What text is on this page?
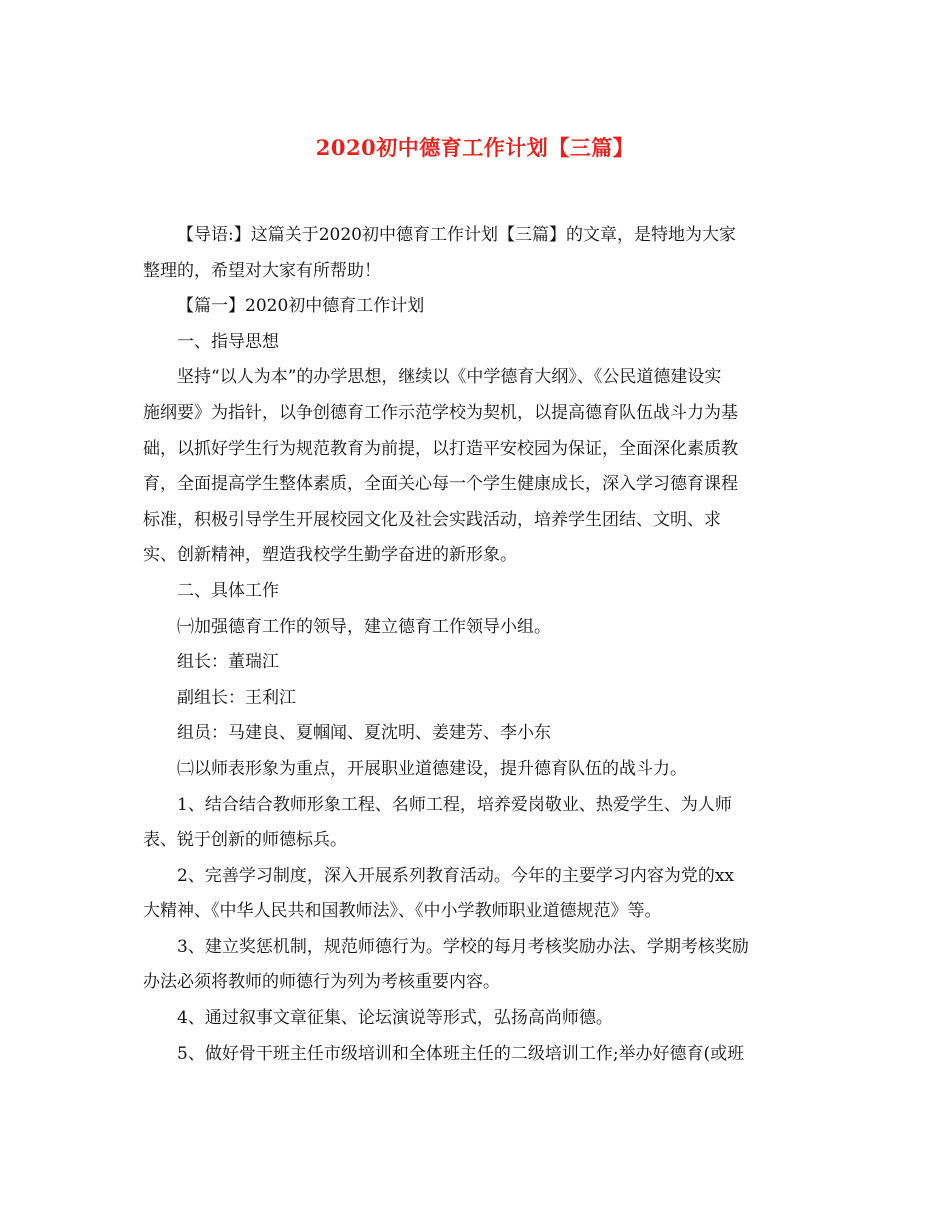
2020初中德育工作计划【三篇】
【导语:】这篇关于2020初中德育工作计划【三篇】的文章，是特地为大家
整理的，希望对大家有所帮助！
【篇一】2020初中德育工作计划
一、指导思想
坚持“以人为本”的办学思想，继续以《中学德育大纲》、《公民道德建设实
施纲要》为指针，以争创德育工作示范学校为契机，以提高德育队伍战斗力为基
础，以抓好学生行为规范教育为前提，以打造平安校园为保证，全面深化素质教
育，全面提高学生整体素质，全面关心每一个学生健康成长，深入学习德育课程
标准，积极引导学生开展校园文化及社会实践活动，培养学生团结、文明、求
实、创新精神，塑造我校学生勤学奋进的新形象。
二、具体工作
㈠加强德育工作的领导，建立德育工作领导小组。
组长：董瑞江
副组长：王利江
组员：马建良、夏帼闻、夏沈明、姜建芳、李小东
㈡以师表形象为重点，开展职业道德建设，提升德育队伍的战斗力。
1、结合结合教师形象工程、名师工程，培养爱岗敬业、热爱学生、为人师
表、锐于创新的师德标兵。
2、完善学习制度，深入开展系列教育活动。今年的主要学习内容为党的xx
大精神、《中华人民共和国教师法》、《中小学教师职业道德规范》等。
3、建立奖惩机制，规范师德行为。学校的每月考核奖励办法、学期考核奖励
办法必须将教师的师德行为列为考核重要内容。
4、通过叙事文章征集、论坛演说等形式，弘扬高尚师德。
5、做好骨干班主任市级培训和全体班主任的二级培训工作;举办好德育(或班
